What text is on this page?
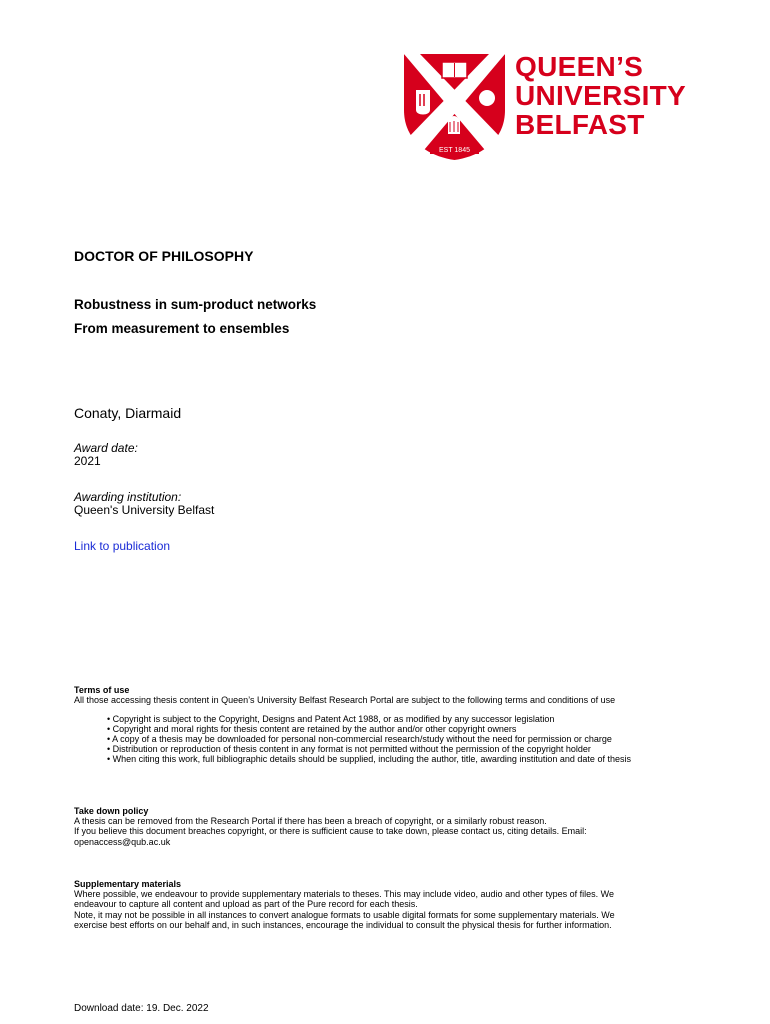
EST 1845
QUEEN’S
UNIVERSITY
BELFAST
DOCTOR OF PHILOSOPHY
Robustness in sum-product networks
From measurement to ensembles
Conaty, Diarmaid
Award date:
2021
Awarding institution:
Queen's University Belfast
Link to publication
Terms of use
All those accessing thesis content in Queen’s University Belfast Research Portal are subject to the following terms and conditions of use
• Copyright is subject to the Copyright, Designs and Patent Act 1988, or as modified by any successor legislation
• Copyright and moral rights for thesis content are retained by the author and/or other copyright owners
• A copy of a thesis may be downloaded for personal non-commercial research/study without the need for permission or charge
• Distribution or reproduction of thesis content in any format is not permitted without the permission of the copyright holder
• When citing this work, full bibliographic details should be supplied, including the author, title, awarding institution and date of thesis
Take down policy
A thesis can be removed from the Research Portal if there has been a breach of copyright, or a similarly robust reason.
If you believe this document breaches copyright, or there is sufficient cause to take down, please contact us, citing details. Email:
openaccess@qub.ac.uk
Supplementary materials
Where possible, we endeavour to provide supplementary materials to theses. This may include video, audio and other types of files. We
endeavour to capture all content and upload as part of the Pure record for each thesis.
Note, it may not be possible in all instances to convert analogue formats to usable digital formats for some supplementary materials. We
exercise best efforts on our behalf and, in such instances, encourage the individual to consult the physical thesis for further information.
Download date: 19. Dec. 2022
